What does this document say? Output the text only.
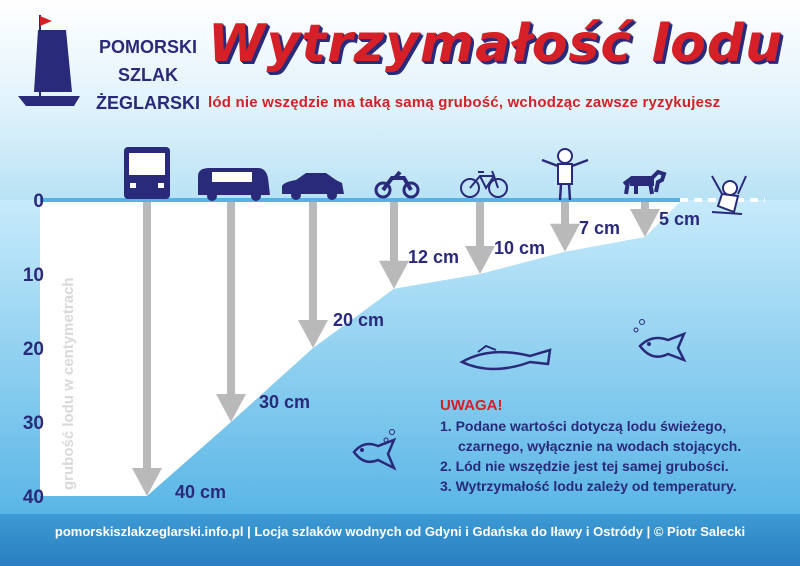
0
10
20
30
40
grubość lodu w centymetrach
40 cm
30 cm
20 cm
12 cm 10 cm
7 cm 5 cm
POMORSKI
SZLAK
ŻEGLARSKI
Wytrzymałość lodu
lód nie wszędzie ma taką samą grubość, wchodząc zawsze ryzykujesz
UWAGA!
1. Podane wartości dotyczą lodu świeżego,
czarnego, wyłącznie na wodach stojących.
2. Lód nie wszędzie jest tej samej grubości.
3. Wytrzymałość lodu zależy od temperatury.
pomorskiszlakzeglarski.info.pl | Locja szlaków wodnych od Gdyni i Gdańska do Iławy i Ostródy | © Piotr Salecki
